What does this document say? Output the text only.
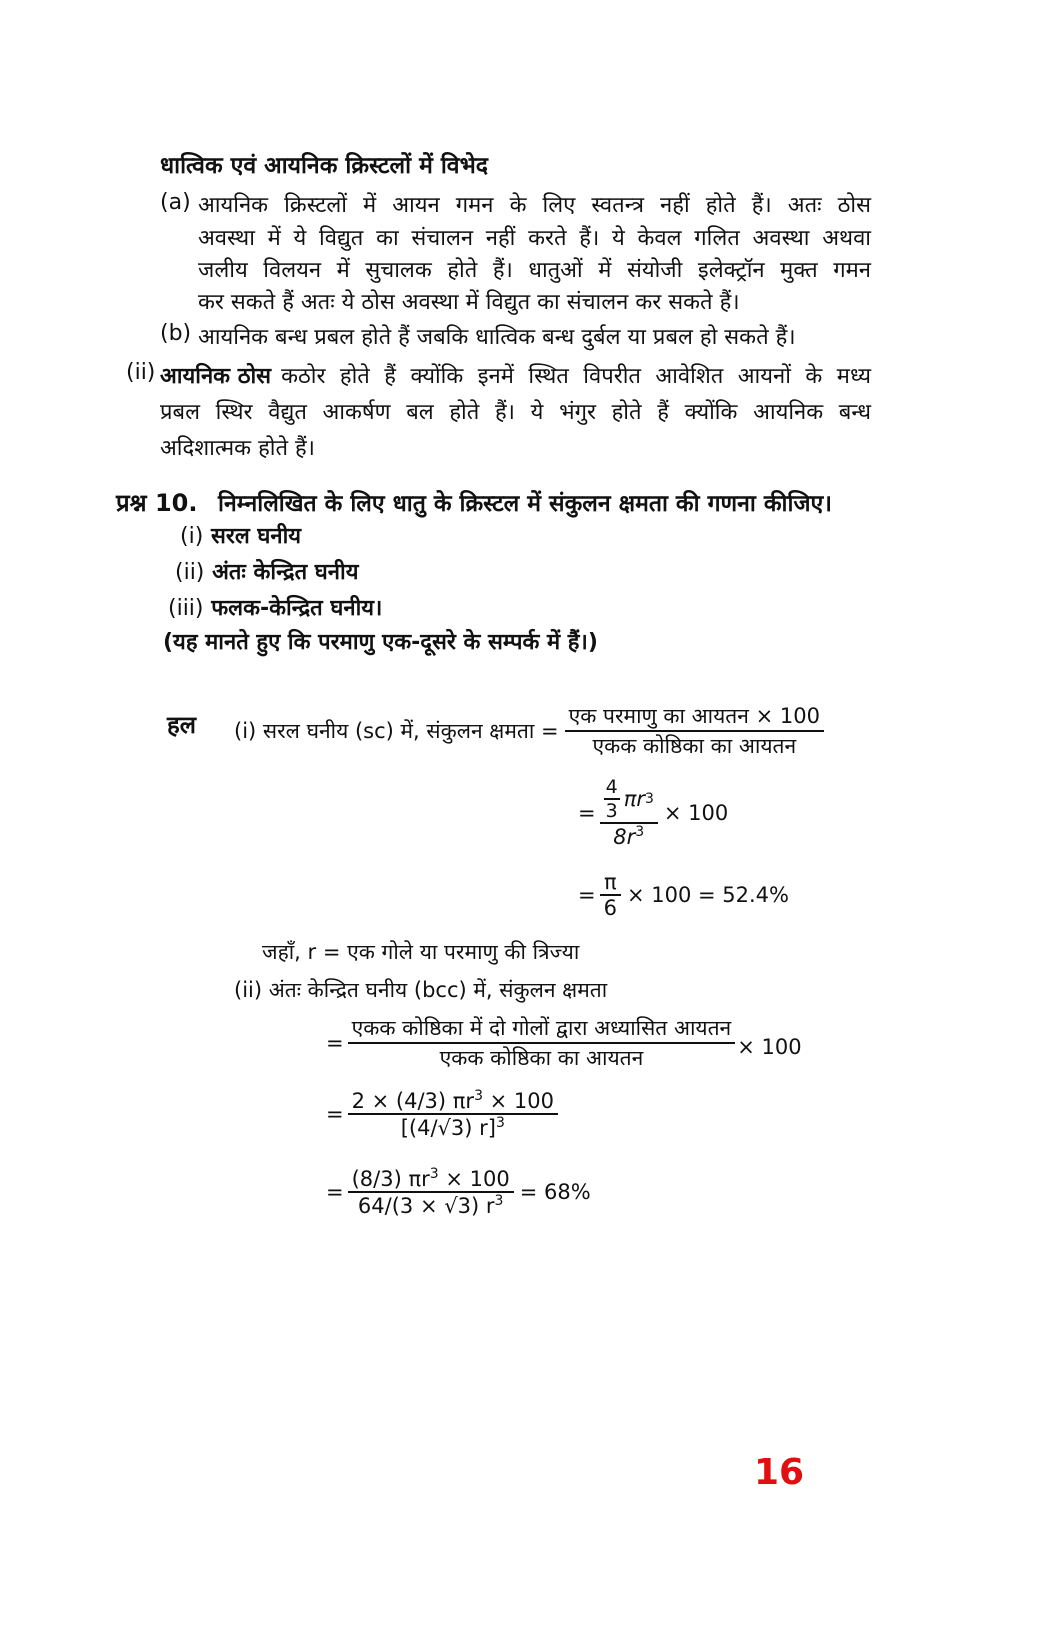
धात्विक एवं आयनिक क्रिस्टलों में विभेद
(a) आयनिक क्रिस्टलों में आयन गमन के लिए स्वतन्त्र नहीं होते हैं। अतः ठोस
अवस्था में ये विद्युत का संचालन नहीं करते हैं। ये केवल गलित अवस्था अथवा
जलीय विलयन में सुचालक होते हैं। धातुओं में संयोजी इलेक्ट्रॉन मुक्त गमन
कर सकते हैं अतः ये ठोस अवस्था में विद्युत का संचालन कर सकते हैं।
(b) आयनिक बन्ध प्रबल होते हैं जबकि धात्विक बन्ध दुर्बल या प्रबल हो सकते हैं।
(ii) आयनिक ठोस कठोर होते हैं क्योंकि इनमें स्थित विपरीत आवेशित आयनों के मध्य
प्रबल स्थिर वैद्युत आकर्षण बल होते हैं। ये भंगुर होते हैं क्योंकि आयनिक बन्ध
अदिशात्मक होते हैं।
प्रश्न 10. निम्नलिखित के लिए धातु के क्रिस्टल में संकुलन क्षमता की गणना कीजिए।
(i) सरल घनीय
(ii) अंतः केन्द्रित घनीय
(iii) फलक-केन्द्रित घनीय।
(यह मानते हुए कि परमाणु एक-दूसरे के सम्पर्क में हैं।)
हल (i) सरल घनीय (sc) में, संकुलन क्षमता = $\frac{\text{एक परमाणु का आयतन × 100}}{\text{एकक कोष्ठिका का आयतन}}$
= $\frac{\frac{4}{3} \pi r 3}{8r^3} \times 100$
= $\frac{\pi}{6} \times 100 = 52.4\%$
जहाँ, r = एक गोले या परमाणु की त्रिज्या
(ii) अंतः केन्द्रित घनीय (bcc) में, संकुलन क्षमता
= $\frac{\text{एकक कोष्ठिका में दो गोलों द्वारा अध्यासित आयतन}}{\text{एकक कोष्ठिका का आयतन}} \times 100$
= $\frac{2 \times (4/3) \pi r^3 \times 100}{[(4/√3) r]^3}$
= $\frac{(8/3) \pi r^3 \times 100}{64/(3 \times √3) r^3} = 68\%$
16
